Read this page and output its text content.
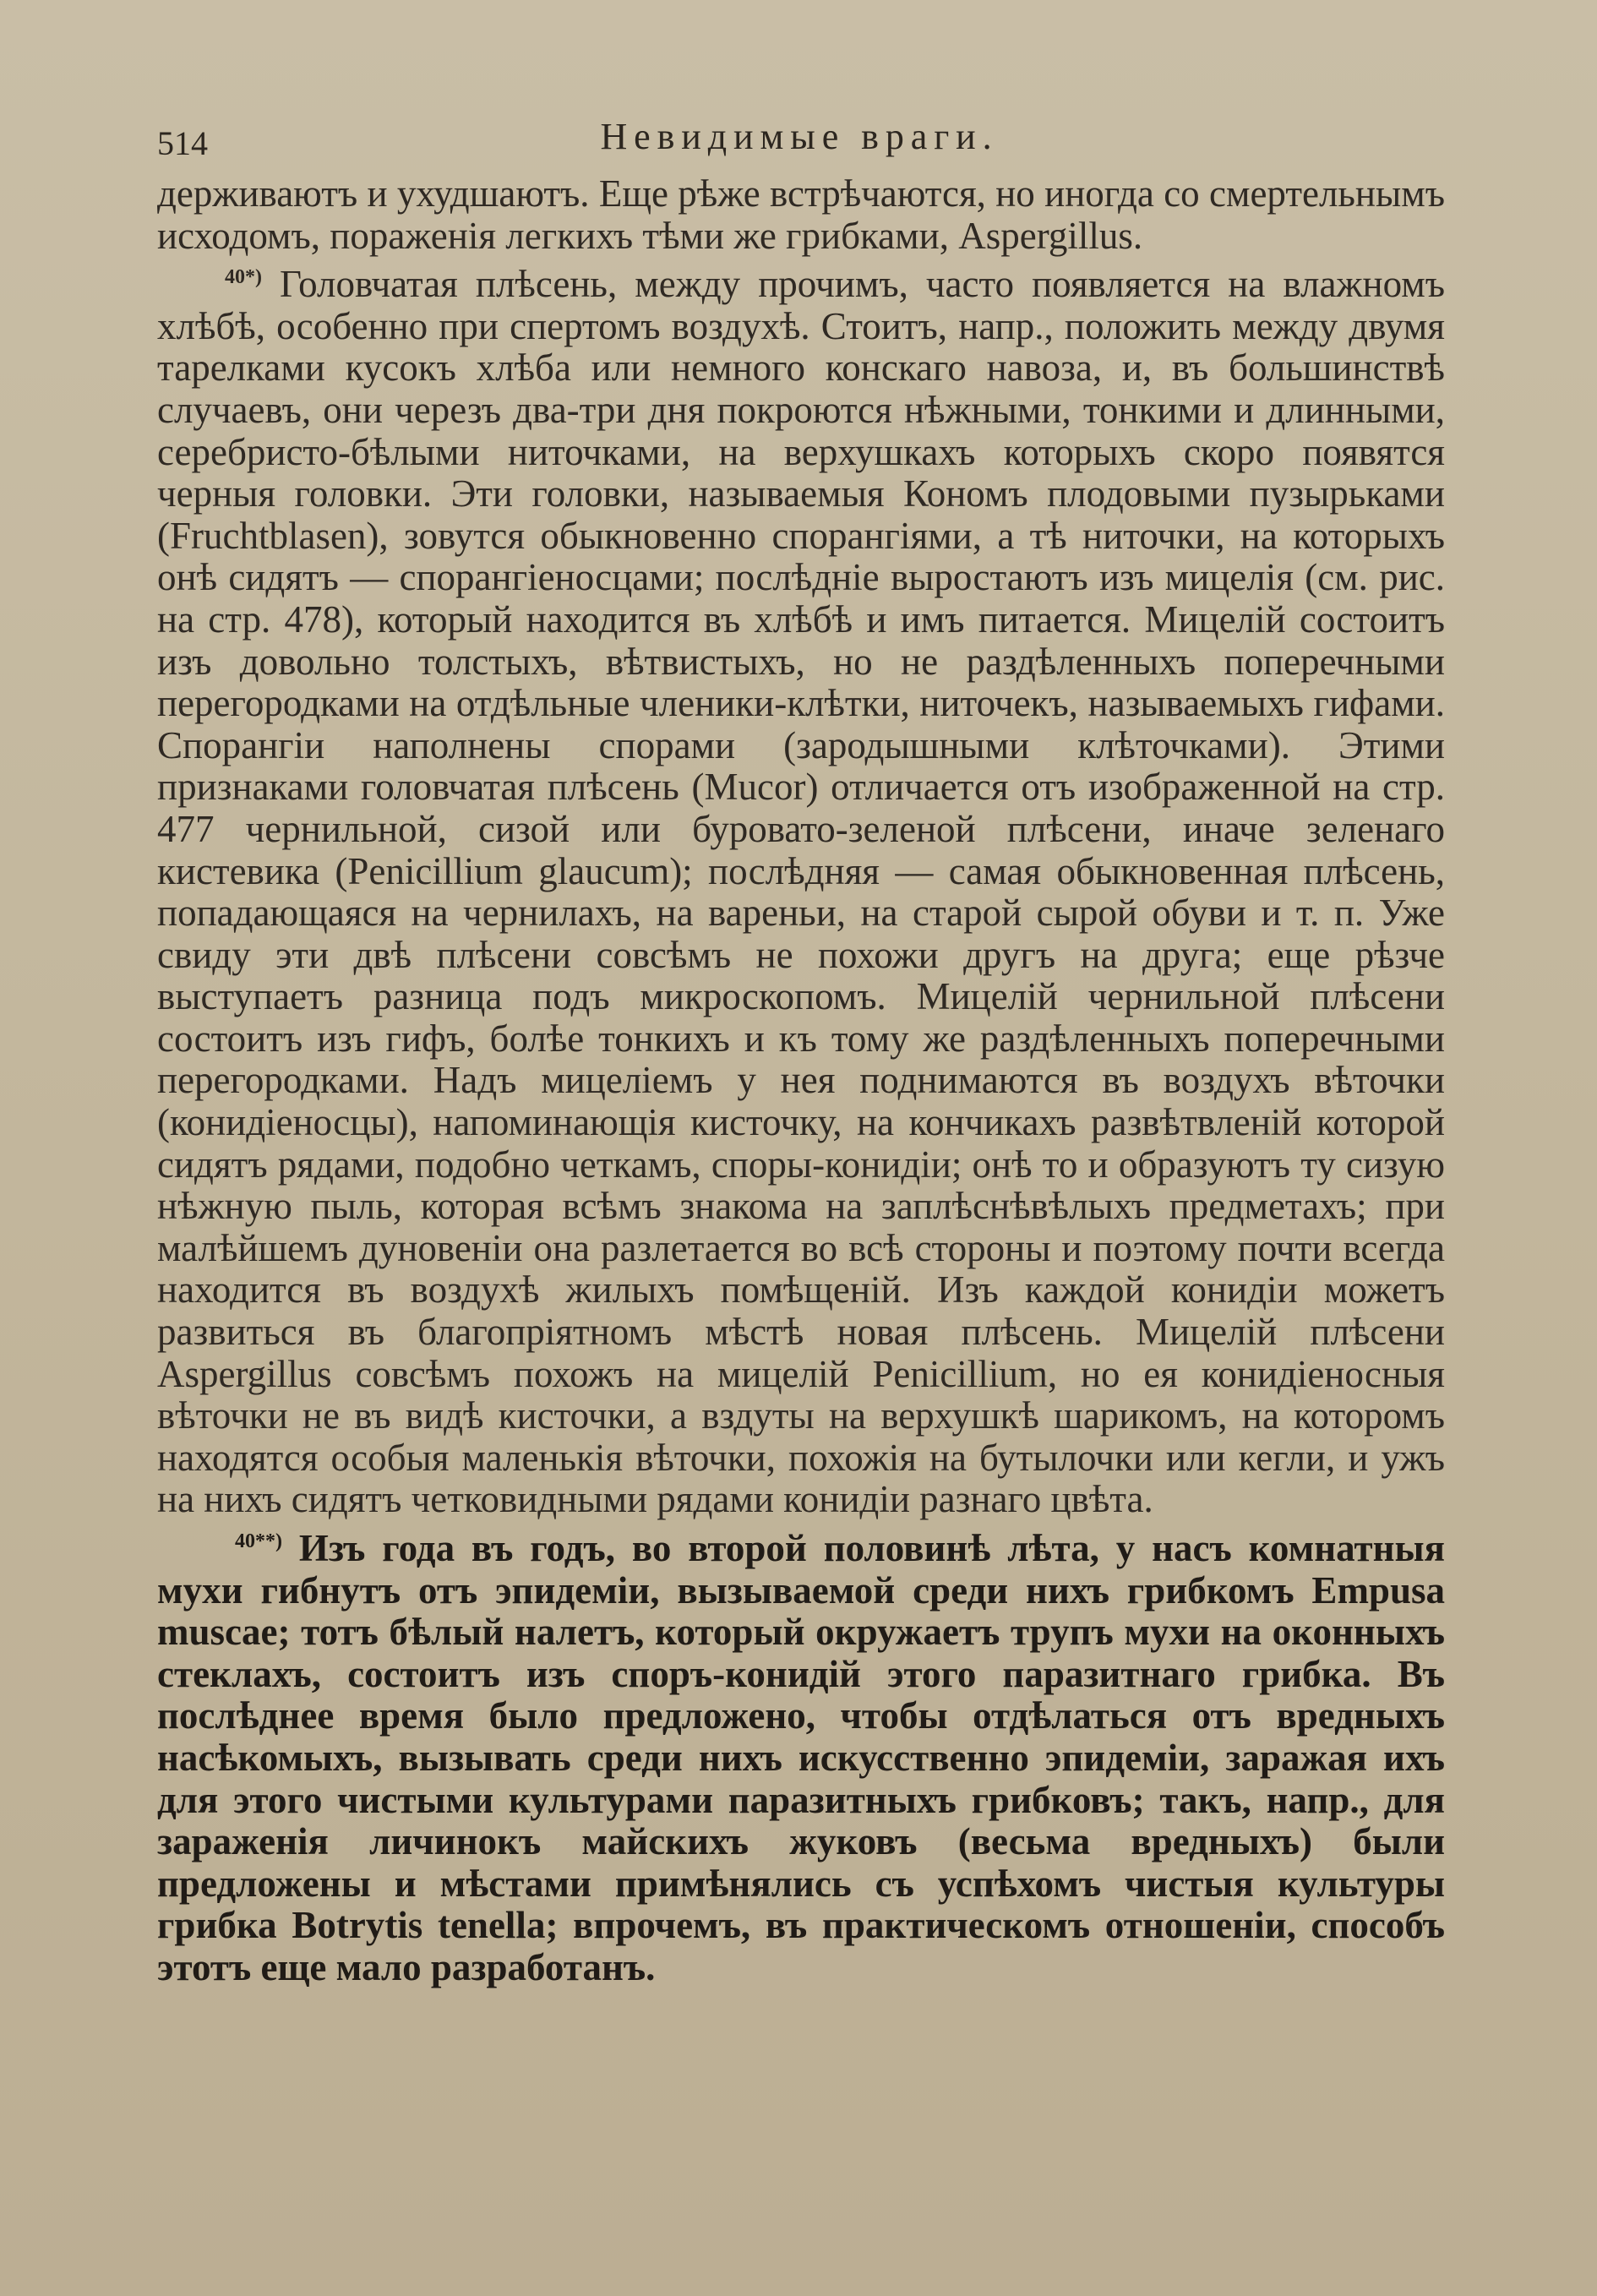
514	Невидимые враги.

держиваютъ и ухудшаютъ. Еще рѣже встрѣчаются, но иногда со смертельнымъ исходомъ, пораженія легкихъ тѣми же грибками, Aspergillus.

$^{40*)}$ Головчатая плѣсень, между прочимъ, часто появляется на влажномъ хлѣбѣ, особенно при спертомъ воздухѣ. Стоитъ, напр., положить между двумя тарелками кусокъ хлѣба или немного конскаго навоза, и, въ большинствѣ случаевъ, они черезъ два-три дня покроются нѣжными, тонкими и длинными, серебристо-бѣлыми ниточками, на верхушкахъ которыхъ скоро появятся черныя головки. Эти головки, называемыя Кономъ плодовыми пузырьками (Fruchtblasen), зовутся обыкновенно спорангіями, а тѣ ниточки, на которыхъ онѣ сидятъ — спорангіеносцами; послѣдніе выростаютъ изъ мицелія (см. рис. на стр. 478), который находится въ хлѣбѣ и имъ питается. Мицелій состоитъ изъ довольно толстыхъ, вѣтвистыхъ, но не раздѣленныхъ поперечными перегородками на отдѣльные членики-клѣтки, ниточекъ, называемыхъ гифами. Спорангіи наполнены спорами (зародышными клѣточками). Этими признаками головчатая плѣсень (Mucor) отличается отъ изображенной на стр. 477 чернильной, сизой или буровато-зеленой плѣсени, иначе зеленаго кистевика (Penicillium glaucum); послѣдняя — самая обыкновенная плѣсень, попадающаяся на чернилахъ, на вареньи, на старой сырой обуви и т. п. Уже свиду эти двѣ плѣсени совсѣмъ не похожи другъ на друга; еще рѣзче выступаетъ разница подъ микроскопомъ. Мицелій чернильной плѣсени состоитъ изъ гифъ, болѣе тонкихъ и къ тому же раздѣленныхъ поперечными перегородками. Надъ мицеліемъ у нея поднимаются въ воздухъ вѣточки (конидіеносцы), напоминающія кисточку, на кончикахъ развѣтвленій которой сидятъ рядами, подобно четкамъ, споры-конидіи; онѣ то и образуютъ ту сизую нѣжную пыль, которая всѣмъ знакома на заплѣснѣвѣлыхъ предметахъ; при малѣйшемъ дуновеніи она разлетается во всѣ стороны и поэтому почти всегда находится въ воздухѣ жилыхъ помѣщеній. Изъ каждой конидіи можетъ развиться въ благопріятномъ мѣстѣ новая плѣсень. Мицелій плѣсени Aspergillus совсѣмъ похожъ на мицелій Penicillium, но ея конидіеносныя вѣточки не въ видѣ кисточки, а вздуты на верхушкѣ шарикомъ, на которомъ находятся особыя маленькія вѣточки, похожія на бутылочки или кегли, и ужъ на нихъ сидятъ четковидными рядами конидіи разнаго цвѣта.

$^{40**)}$ Изъ года въ годъ, во второй половинѣ лѣта, у насъ комнатныя мухи гибнутъ отъ эпидеміи, вызываемой среди нихъ грибкомъ Empusa muscae; тотъ бѣлый налетъ, который окружаетъ трупъ мухи на оконныхъ стеклахъ, состоитъ изъ споръ-конидій этого паразитнаго грибка. Въ послѣднее время было предложено, чтобы отдѣлаться отъ вредныхъ насѣкомыхъ, вызывать среди нихъ искусственно эпидеміи, заражая ихъ для этого чистыми культурами паразитныхъ грибковъ; такъ, напр., для зараженія личинокъ майскихъ жуковъ (весьма вредныхъ) были предложены и мѣстами примѣнялись съ успѣхомъ чистыя культуры грибка Botrytis tenella; впрочемъ, въ практическомъ отношеніи, способъ этотъ еще мало разработанъ.
